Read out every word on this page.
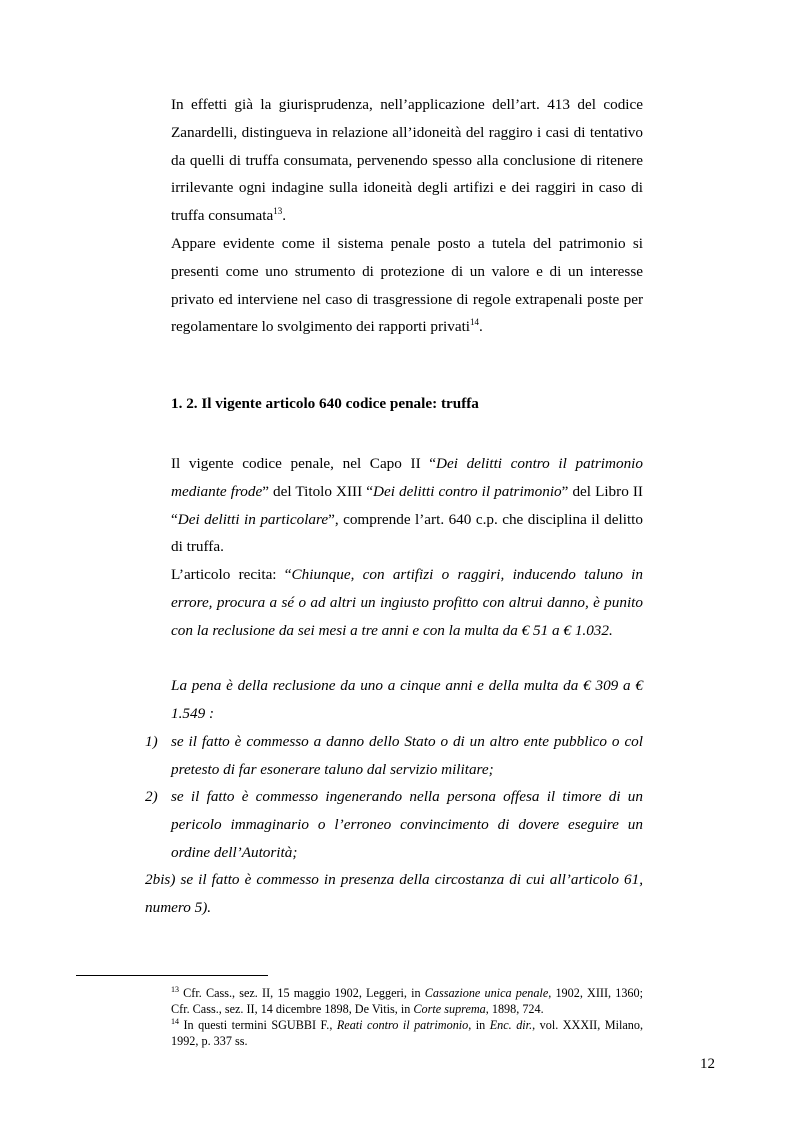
In effetti già la giurisprudenza, nell’applicazione dell’art. 413 del codice Zanardelli, distingueva in relazione all’idoneità del raggiro i casi di tentativo da quelli di truffa consumata, pervenendo spesso alla conclusione di ritenere irrilevante ogni indagine sulla idoneità degli artifizi e dei raggiri in caso di truffa consumata$^{13}$.

Appare evidente come il sistema penale posto a tutela del patrimonio si presenti come uno strumento di protezione di un valore e di un interesse privato ed interviene nel caso di trasgressione di regole extrapenali poste per regolamentare lo svolgimento dei rapporti privati$^{14}$.

1. 2. Il vigente articolo 640 codice penale: truffa

Il vigente codice penale, nel Capo II “Dei delitti contro il patrimonio mediante frode” del Titolo XIII “Dei delitti contro il patrimonio” del Libro II “Dei delitti in particolare”, comprende l’art. 640 c.p. che disciplina il delitto di truffa.

L’articolo recita: “Chiunque, con artifizi o raggiri, inducendo taluno in errore, procura a sé o ad altri un ingiusto profitto con altrui danno, è punito con la reclusione da sei mesi a tre anni e con la multa da € 51 a € 1.032.

La pena è della reclusione da uno a cinque anni e della multa da € 309 a € 1.549 :

1) se il fatto è commesso a danno dello Stato o di un altro ente pubblico o col pretesto di far esonerare taluno dal servizio militare;

2) se il fatto è commesso ingenerando nella persona offesa il timore di un pericolo immaginario o l’erroneo convincimento di dovere eseguire un ordine dell’Autorità;

2bis) se il fatto è commesso in presenza della circostanza di cui all’articolo 61, numero 5).

$^{13}$ Cfr. Cass., sez. II, 15 maggio 1902, Leggeri, in Cassazione unica penale, 1902, XIII, 1360; Cfr. Cass., sez. II, 14 dicembre 1898, De Vitis, in Corte suprema, 1898, 724.

$^{14}$ In questi termini SGUBBI F., Reati contro il patrimonio, in Enc. dir., vol. XXXII, Milano, 1992, p. 337 ss.

12
